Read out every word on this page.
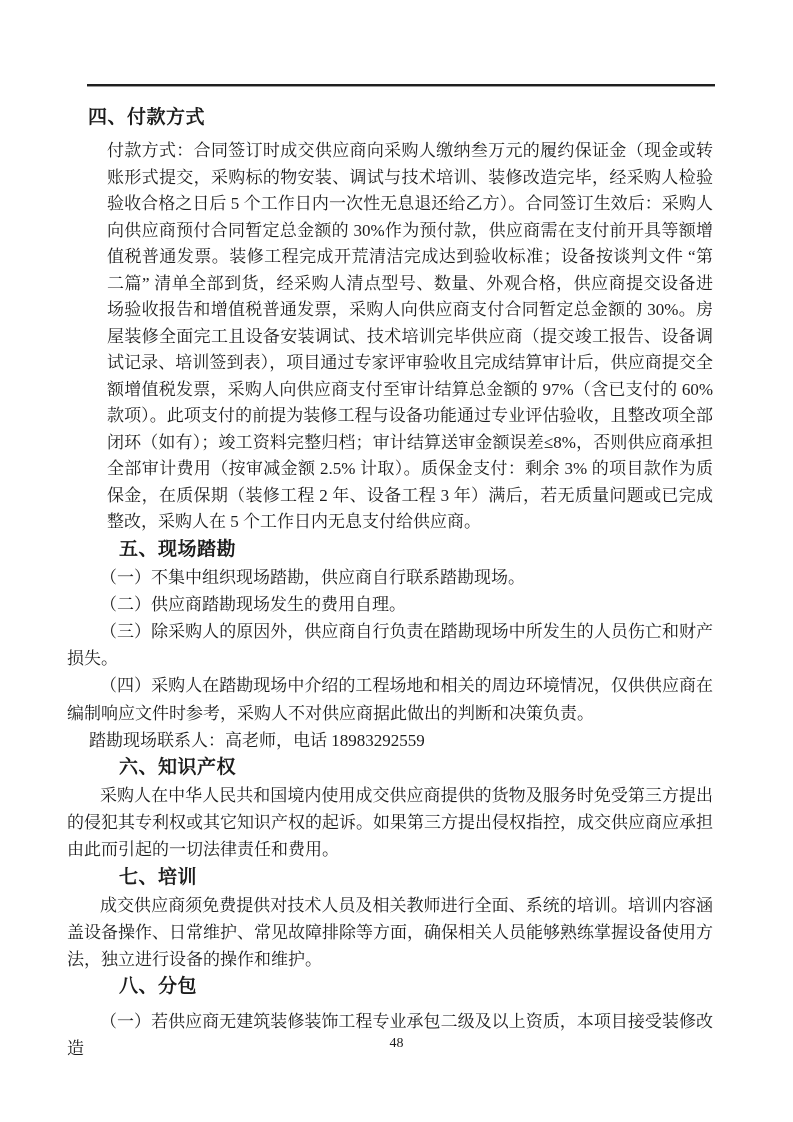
四、付款方式

付款方式：合同签订时成交供应商向采购人缴纳叁万元的履约保证金（现金或转账形式提交，采购标的物安装、调试与技术培训、装修改造完毕，经采购人检验验收合格之日后 5 个工作日内一次性无息退还给乙方）。合同签订生效后：采购人向供应商预付合同暂定总金额的 30%作为预付款，供应商需在支付前开具等额增值税普通发票。装修工程完成开荒清洁完成达到验收标准；设备按谈判文件 “第二篇” 清单全部到货，经采购人清点型号、数量、外观合格，供应商提交设备进场验收报告和增值税普通发票，采购人向供应商支付合同暂定总金额的 30%。房屋装修全面完工且设备安装调试、技术培训完毕供应商（提交竣工报告、设备调试记录、培训签到表），项目通过专家评审验收且完成结算审计后，供应商提交全额增值税发票，采购人向供应商支付至审计结算总金额的 97%（含已支付的 60% 款项）。此项支付的前提为装修工程与设备功能通过专业评估验收，且整改项全部闭环（如有）；竣工资料完整归档；审计结算送审金额误差≤8%，否则供应商承担全部审计费用（按审减金额 2.5% 计取）。质保金支付：剩余 3% 的项目款作为质保金，在质保期（装修工程 2 年、设备工程 3 年）满后，若无质量问题或已完成整改，采购人在 5 个工作日内无息支付给供应商。

五、现场踏勘

（一）不集中组织现场踏勘，供应商自行联系踏勘现场。

（二）供应商踏勘现场发生的费用自理。

（三）除采购人的原因外，供应商自行负责在踏勘现场中所发生的人员伤亡和财产损失。

（四）采购人在踏勘现场中介绍的工程场地和相关的周边环境情况，仅供供应商在编制响应文件时参考，采购人不对供应商据此做出的判断和决策负责。

踏勘现场联系人：高老师，电话 18983292559

六、知识产权

采购人在中华人民共和国境内使用成交供应商提供的货物及服务时免受第三方提出的侵犯其专利权或其它知识产权的起诉。如果第三方提出侵权指控，成交供应商应承担由此而引起的一切法律责任和费用。

七、培训

成交供应商须免费提供对技术人员及相关教师进行全面、系统的培训。培训内容涵盖设备操作、日常维护、常见故障排除等方面，确保相关人员能够熟练掌握设备使用方法，独立进行设备的操作和维护。

八、分包

（一）若供应商无建筑装修装饰工程专业承包二级及以上资质，本项目接受装修改造	48
